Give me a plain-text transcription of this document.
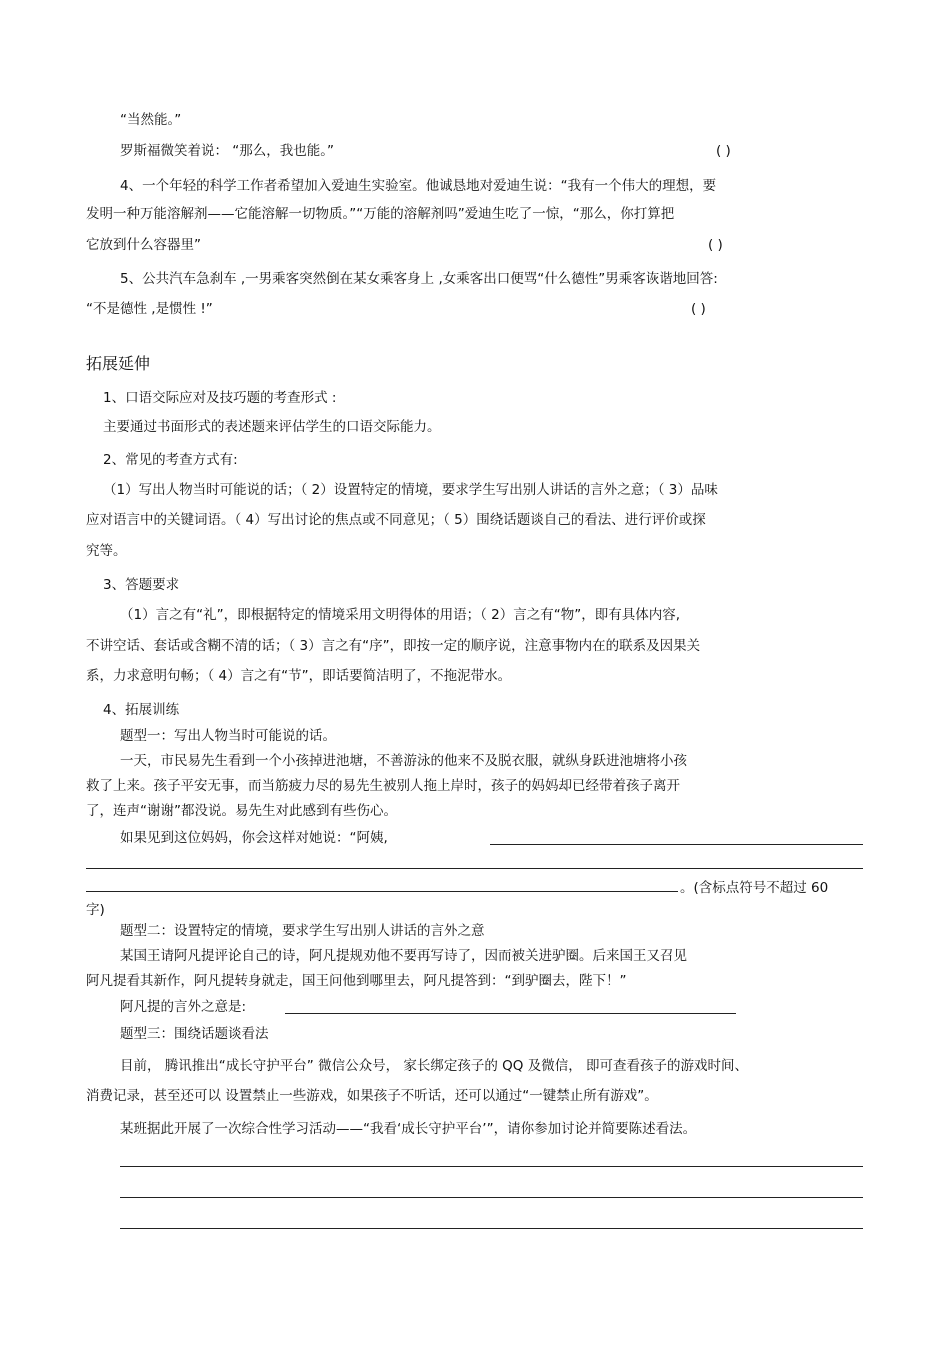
“当然能。”
罗斯福微笑着说： “那么，我也能。”	( )
4、一个年轻的科学工作者希望加入爱迪生实验室。他诚恳地对爱迪生说：“我有一个伟大的理想，要
发明一种万能溶解剂——它能溶解一切物质。”“万能的溶解剂吗”爱迪生吃了一惊，“那么，你打算把
它放到什么容器里”	( )
5、公共汽车急刹车 ,一男乘客突然倒在某女乘客身上 ,女乘客出口便骂“什么德性”男乘客诙谐地回答:
“不是德性 ,是惯性 !”	( )
拓展延伸
1、口语交际应对及技巧题的考查形式 :
主要通过书面形式的表述题来评估学生的口语交际能力。
2、常见的考查方式有:
（1）写出人物当时可能说的话；（ 2）设置特定的情境，要求学生写出别人讲话的言外之意；（ 3）品味
应对语言中的关键词语。（ 4）写出讨论的焦点或不同意见；（ 5）围绕话题谈自己的看法、进行评价或探
究等。
3、答题要求
（1）言之有“礼”，即根据特定的情境采用文明得体的用语；（ 2）言之有“物”，即有具体内容,
不讲空话、套话或含糊不清的话；（ 3）言之有“序”，即按一定的顺序说，注意事物内在的联系及因果关
系，力求意明句畅；（ 4）言之有“节”，即话要简洁明了，不拖泥带水。
4、拓展训练
题型一：写出人物当时可能说的话。
一天，市民易先生看到一个小孩掉进池塘，不善游泳的他来不及脱衣服，就纵身跃进池塘将小孩
救了上来。孩子平安无事，而当筋疲力尽的易先生被别人拖上岸时，孩子的妈妈却已经带着孩子离开
了，连声“谢谢”都没说。易先生对此感到有些伤心。
如果见到这位妈妈，你会这样对她说：“阿姨,
。(含标点符号不超过 60
字)
题型二：设置特定的情境，要求学生写出别人讲话的言外之意
某国王请阿凡提评论自己的诗，阿凡提规劝他不要再写诗了，因而被关进驴圈。后来国王又召见
阿凡提看其新作，阿凡提转身就走，国王问他到哪里去，阿凡提答到：“到驴圈去，陛下！”
阿凡提的言外之意是:
题型三：围绕话题谈看法
目前， 腾讯推出“成长守护平台” 微信公众号， 家长绑定孩子的 QQ 及微信， 即可查看孩子的游戏时间、
消费记录，甚至还可以 设置禁止一些游戏，如果孩子不听话，还可以通过“一键禁止所有游戏”。
某班据此开展了一次综合性学习活动——“我看‘成长守护平台’”，请你参加讨论并简要陈述看法。
